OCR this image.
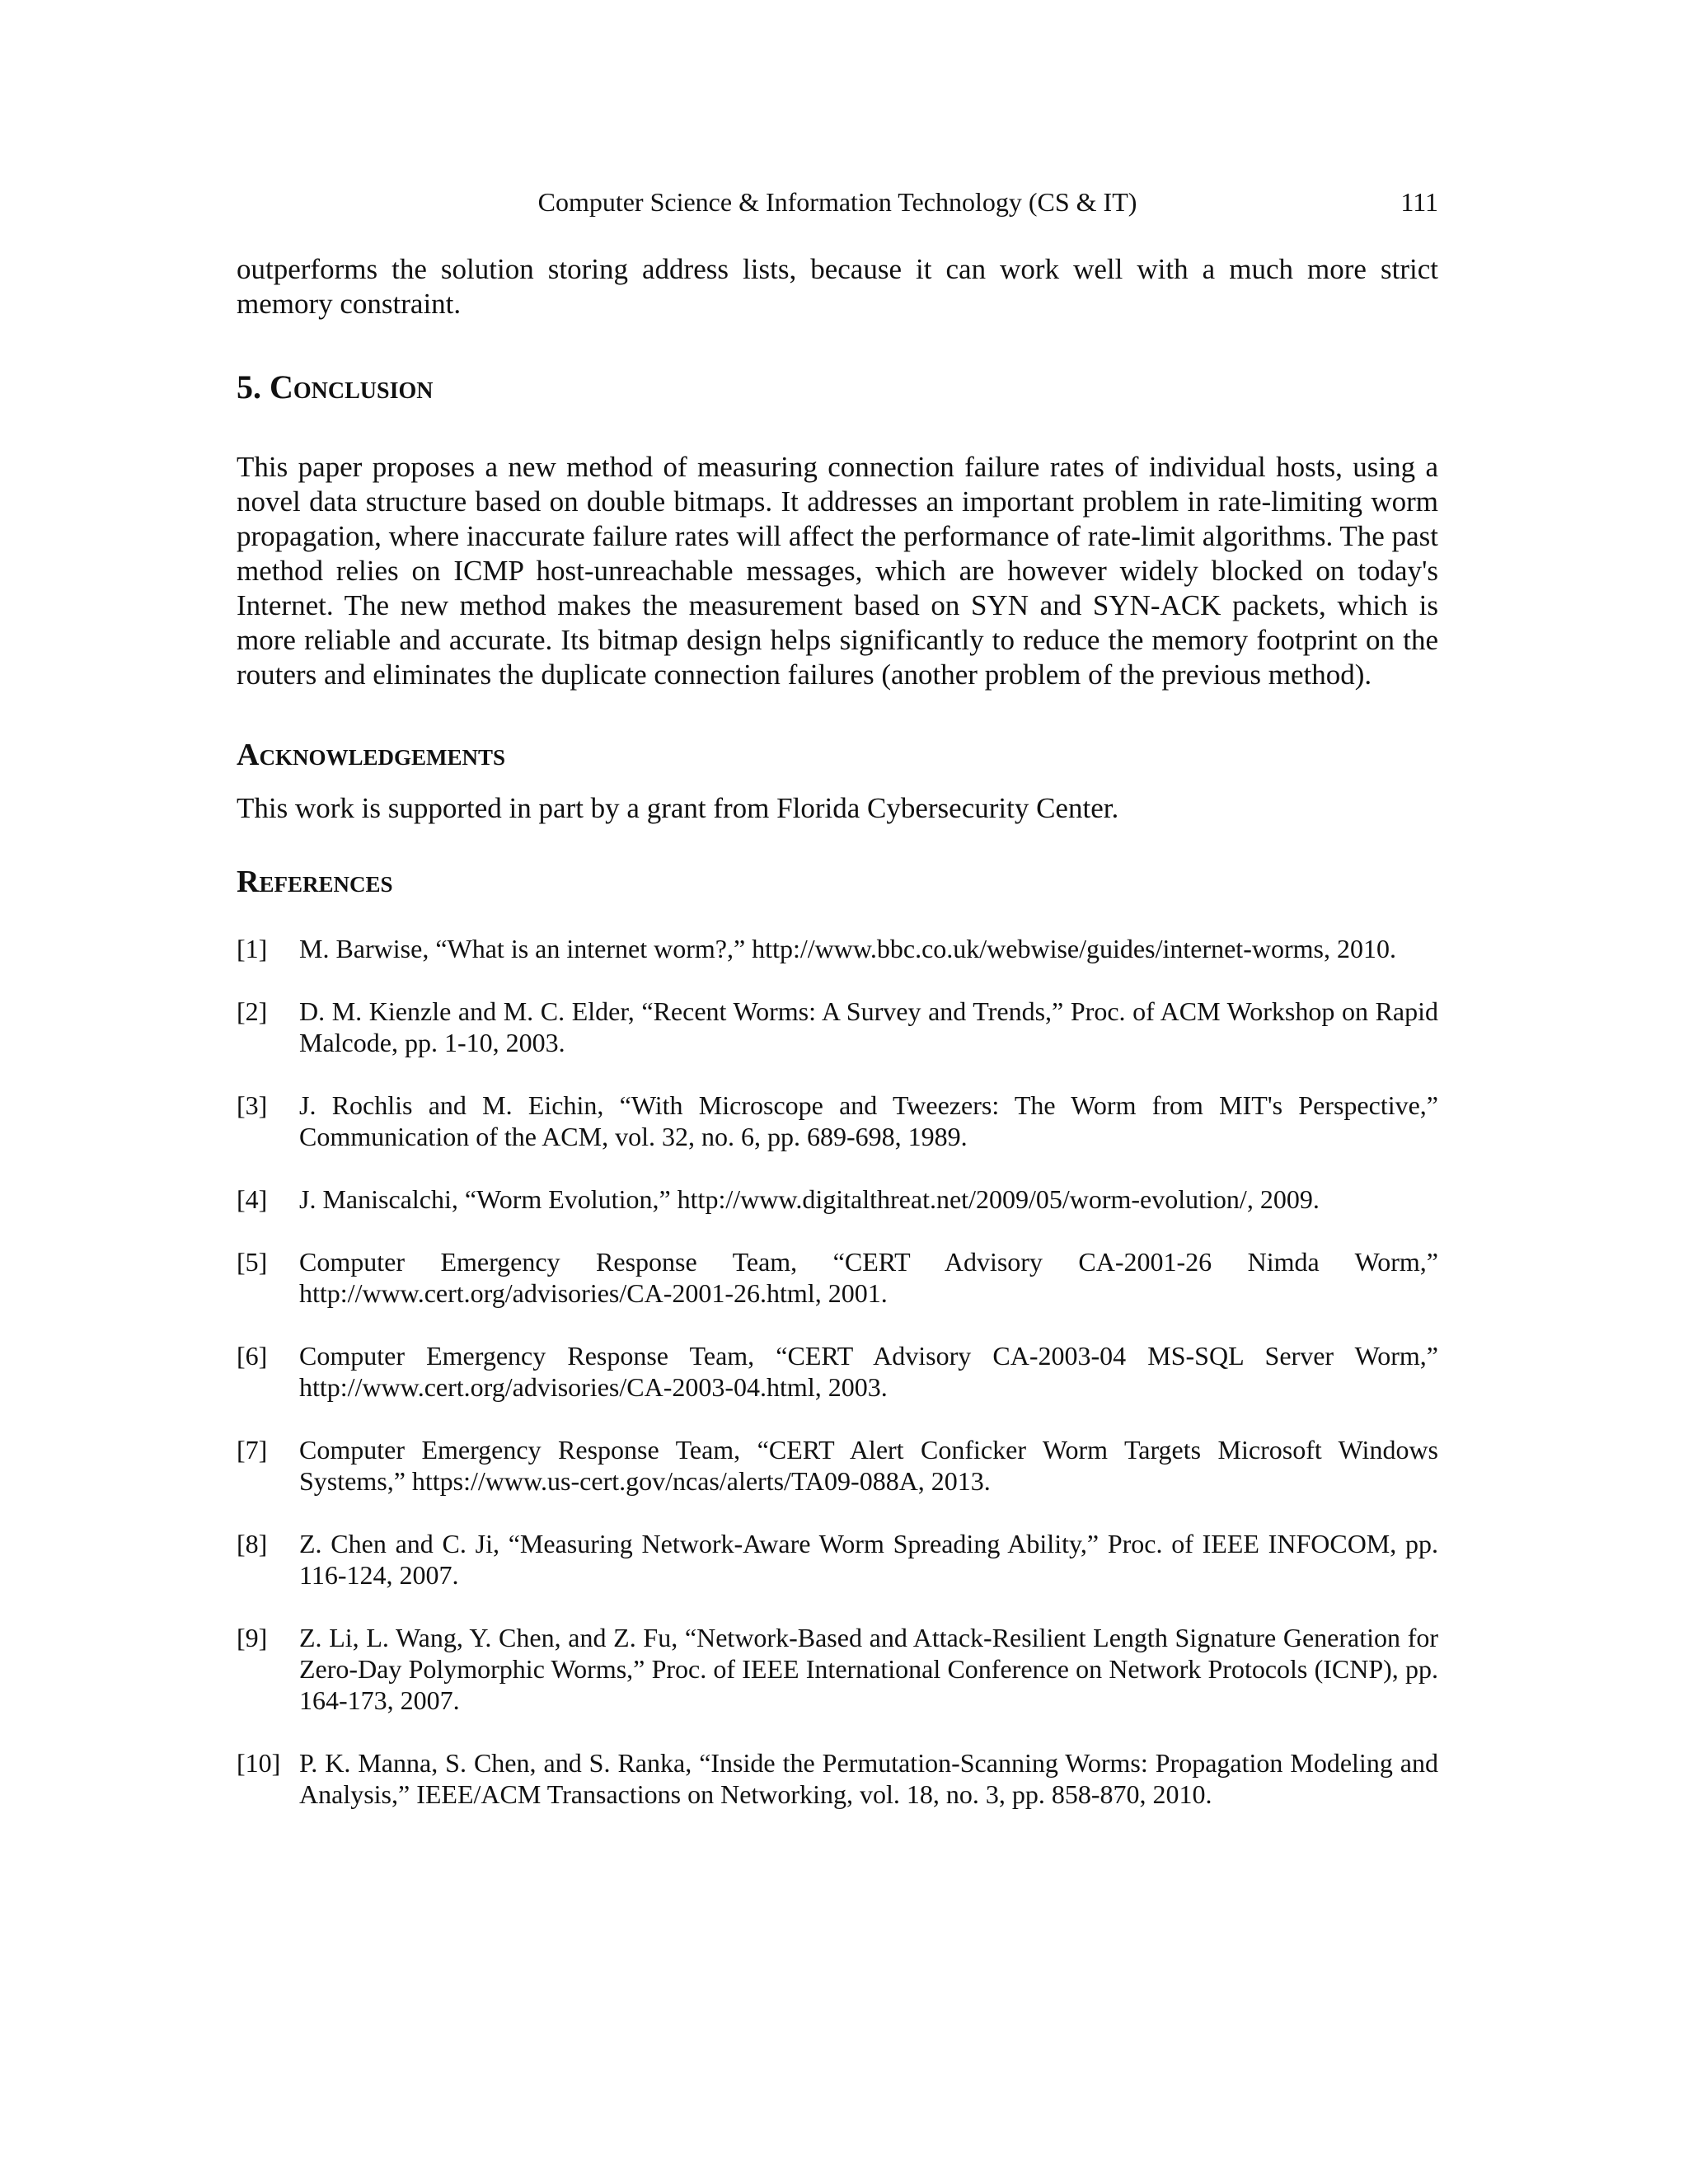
Computer Science & Information Technology (CS & IT)	111

outperforms the solution storing address lists, because it can work well with a much more strict memory constraint.

5. Conclusion

This paper proposes a new method of measuring connection failure rates of individual hosts, using a novel data structure based on double bitmaps. It addresses an important problem in rate-limiting worm propagation, where inaccurate failure rates will affect the performance of rate-limit algorithms. The past method relies on ICMP host-unreachable messages, which are however widely blocked on today's Internet. The new method makes the measurement based on SYN and SYN-ACK packets, which is more reliable and accurate. Its bitmap design helps significantly to reduce the memory footprint on the routers and eliminates the duplicate connection failures (another problem of the previous method).

Acknowledgements

This work is supported in part by a grant from Florida Cybersecurity Center.

References
[1] M. Barwise, “What is an internet worm?,” http://www.bbc.co.uk/webwise/guides/internet-worms, 2010.
[2] D. M. Kienzle and M. C. Elder, “Recent Worms: A Survey and Trends,” Proc. of ACM Workshop on Rapid Malcode, pp. 1-10, 2003.
[3] J. Rochlis and M. Eichin, “With Microscope and Tweezers: The Worm from MIT's Perspective,” Communication of the ACM, vol. 32, no. 6, pp. 689-698, 1989.
[4] J. Maniscalchi, “Worm Evolution,” http://www.digitalthreat.net/2009/05/worm-evolution/, 2009.
[5] Computer Emergency Response Team, “CERT Advisory CA-2001-26 Nimda Worm,” http://www.cert.org/advisories/CA-2001-26.html, 2001.
[6] Computer Emergency Response Team, “CERT Advisory CA-2003-04 MS-SQL Server Worm,” http://www.cert.org/advisories/CA-2003-04.html, 2003.
[7] Computer Emergency Response Team, “CERT Alert Conficker Worm Targets Microsoft Windows Systems,” https://www.us-cert.gov/ncas/alerts/TA09-088A, 2013.
[8] Z. Chen and C. Ji, “Measuring Network-Aware Worm Spreading Ability,” Proc. of IEEE INFOCOM, pp. 116-124, 2007.
[9] Z. Li, L. Wang, Y. Chen, and Z. Fu, “Network-Based and Attack-Resilient Length Signature Generation for Zero-Day Polymorphic Worms,” Proc. of IEEE International Conference on Network Protocols (ICNP), pp. 164-173, 2007.
[10] P. K. Manna, S. Chen, and S. Ranka, “Inside the Permutation-Scanning Worms: Propagation Modeling and Analysis,” IEEE/ACM Transactions on Networking, vol. 18, no. 3, pp. 858-870, 2010.
